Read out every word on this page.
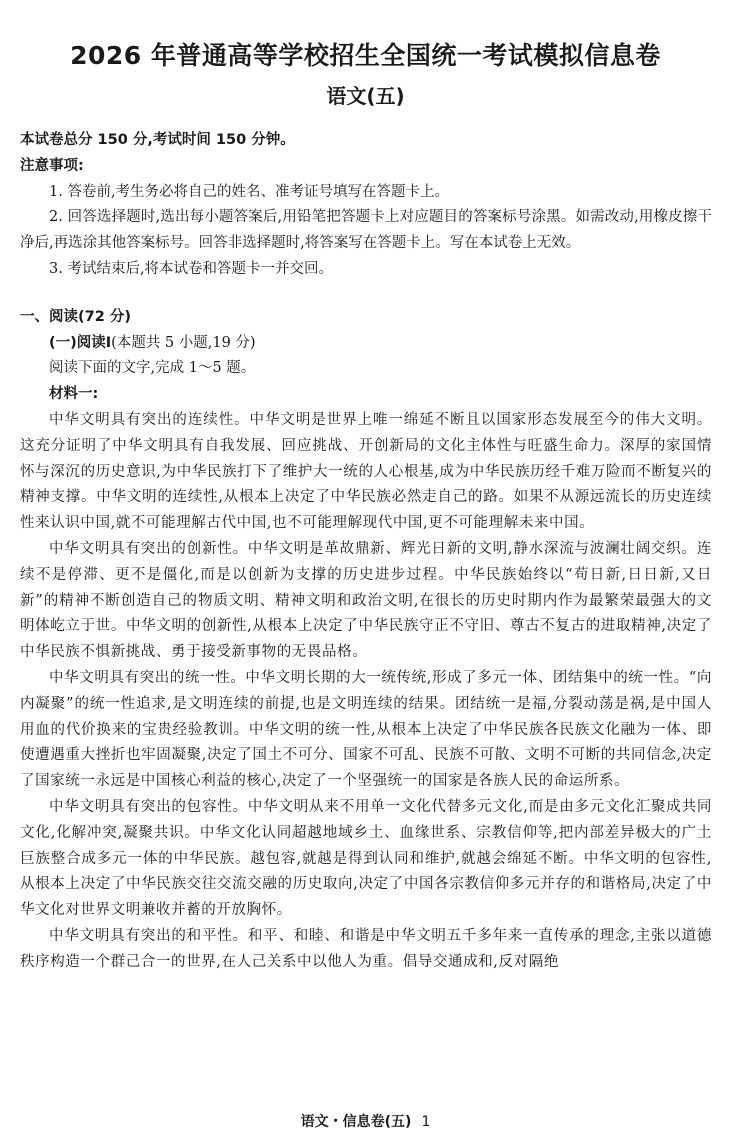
2026 年普通高等学校招生全国统一考试模拟信息卷
语文(五)

本试卷总分 150 分,考试时间 150 分钟。

注意事项:

1. 答卷前,考生务必将自己的姓名、准考证号填写在答题卡上。

2. 回答选择题时,选出每小题答案后,用铅笔把答题卡上对应题目的答案标号涂黑。如需改动,用橡皮擦干净后,再选涂其他答案标号。回答非选择题时,将答案写在答题卡上。写在本试卷上无效。

3. 考试结束后,将本试卷和答题卡一并交回。

一、阅读(72 分)

(一)阅读Ⅰ(本题共 5 小题,19 分)

阅读下面的文字,完成 1～5 题。

材料一:

中华文明具有突出的连续性。中华文明是世界上唯一绵延不断且以国家形态发展至今的伟大文明。这充分证明了中华文明具有自我发展、回应挑战、开创新局的文化主体性与旺盛生命力。深厚的家国情怀与深沉的历史意识,为中华民族打下了维护大一统的人心根基,成为中华民族历经千难万险而不断复兴的精神支撑。中华文明的连续性,从根本上决定了中华民族必然走自己的路。如果不从源远流长的历史连续性来认识中国,就不可能理解古代中国,也不可能理解现代中国,更不可能理解未来中国。

中华文明具有突出的创新性。中华文明是革故鼎新、辉光日新的文明,静水深流与波澜壮阔交织。连续不是停滞、更不是僵化,而是以创新为支撑的历史进步过程。中华民族始终以“苟日新,日日新,又日新”的精神不断创造自己的物质文明、精神文明和政治文明,在很长的历史时期内作为最繁荣最强大的文明体屹立于世。中华文明的创新性,从根本上决定了中华民族守正不守旧、尊古不复古的进取精神,决定了中华民族不惧新挑战、勇于接受新事物的无畏品格。

中华文明具有突出的统一性。中华文明长期的大一统传统,形成了多元一体、团结集中的统一性。“向内凝聚”的统一性追求,是文明连续的前提,也是文明连续的结果。团结统一是福,分裂动荡是祸,是中国人用血的代价换来的宝贵经验教训。中华文明的统一性,从根本上决定了中华民族各民族文化融为一体、即使遭遇重大挫折也牢固凝聚,决定了国土不可分、国家不可乱、民族不可散、文明不可断的共同信念,决定了国家统一永远是中国核心利益的核心,决定了一个坚强统一的国家是各族人民的命运所系。

中华文明具有突出的包容性。中华文明从来不用单一文化代替多元文化,而是由多元文化汇聚成共同文化,化解冲突,凝聚共识。中华文化认同超越地域乡土、血缘世系、宗教信仰等,把内部差异极大的广土巨族整合成多元一体的中华民族。越包容,就越是得到认同和维护,就越会绵延不断。中华文明的包容性,从根本上决定了中华民族交往交流交融的历史取向,决定了中国各宗教信仰多元并存的和谐格局,决定了中华文化对世界文明兼收并蓄的开放胸怀。

中华文明具有突出的和平性。和平、和睦、和谐是中华文明五千多年来一直传承的理念,主张以道德秩序构造一个群己合一的世界,在人己关系中以他人为重。倡导交通成和,反对隔绝

语文・信息卷(五) 1
